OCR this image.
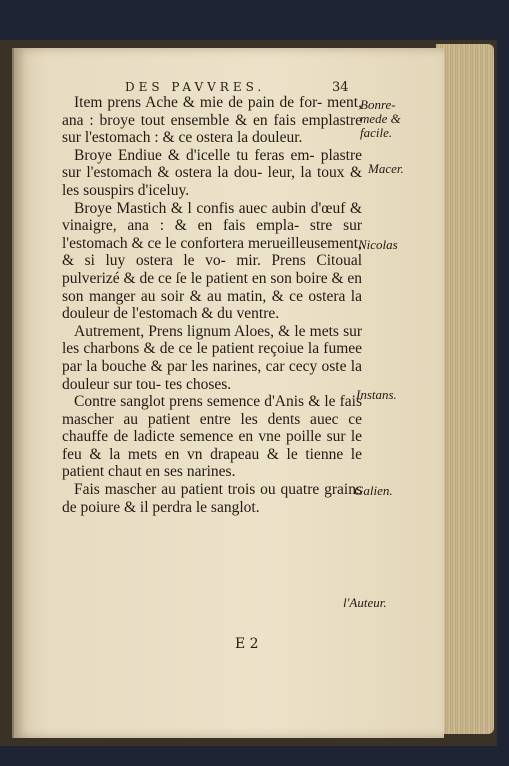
DES PAVVRES.	34

Item prens Ache & mie de pain de for- ment, ana : broye tout ensemble & en fais emplastre sur l'estomach : & ce ostera la douleur.

Broye Endiue & d'icelle tu feras em- plastre sur l'estomach & ostera la dou- leur, la toux & les souspirs d'iceluy.

Broye Mastich & l confis auec aubin d'œuf & vinaigre, ana : & en fais empla- stre sur l'estomach & ce le confortera merueilleusement, & si luy ostera le vo- mir. Prens Citoual pulverizé & de ce ſe le patient en son boire & en son manger au soir & au matin, & ce ostera la douleur de l'estomach & du ventre.

Autrement, Prens lignum Aloes, & le mets sur les charbons & de ce le patient reçoiue la fumee par la bouche & par les narines, car cecy oste la douleur sur tou- tes choses.

Contre sanglot prens semence d'Anis & le fais mascher au patient entre les dents auec ce chauffe de ladicte semence en vne poille sur le feu & la mets en vn drapeau & le tienne le patient chaut en ses narines.

Fais mascher au patient trois ou quatre grains de poiure & il perdra le sanglot.

Bonre-
mede &
facile.
Macer.
Nicolas
Instans.
Galien.
l'Auteur.
E 2
